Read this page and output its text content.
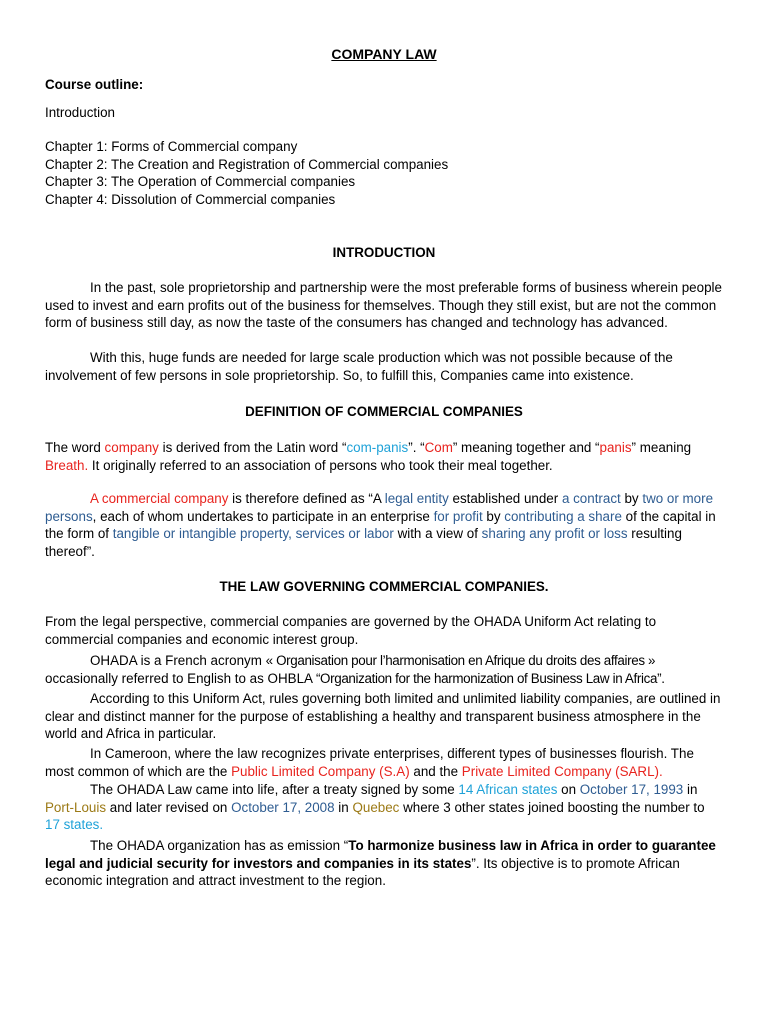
COMPANY LAW

Course outline:

Introduction

Chapter 1: Forms of Commercial company
Chapter 2: The Creation and Registration of Commercial companies
Chapter 3: The Operation of Commercial companies
Chapter 4: Dissolution of Commercial companies
INTRODUCTION

In the past, sole proprietorship and partnership were the most preferable forms of business wherein people used to invest and earn profits out of the business for themselves. Though they still exist, but are not the common form of business still day, as now the taste of the consumers has changed and technology has advanced.

With this, huge funds are needed for large scale production which was not possible because of the involvement of few persons in sole proprietorship. So, to fulfill this, Companies came into existence.

DEFINITION OF COMMERCIAL COMPANIES

The word company is derived from the Latin word “com-panis”. “Com” meaning together and “panis” meaning Breath. It originally referred to an association of persons who took their meal together.

A commercial company is therefore defined as “A legal entity established under a contract by two or more persons, each of whom undertakes to participate in an enterprise for profit by contributing a share of the capital in the form of tangible or intangible property, services or labor with a view of sharing any profit or loss resulting thereof”.

THE LAW GOVERNING COMMERCIAL COMPANIES.

From the legal perspective, commercial companies are governed by the OHADA Uniform Act relating to commercial companies and economic interest group.

OHADA is a French acronym « Organisation pour l’harmonisation en Afrique du droits des affaires » occasionally referred to English to as OHBLA “Organization for the harmonization of Business Law in Africa”.

According to this Uniform Act, rules governing both limited and unlimited liability companies, are outlined in clear and distinct manner for the purpose of establishing a healthy and transparent business atmosphere in the world and Africa in particular.

In Cameroon, where the law recognizes private enterprises, different types of businesses flourish. The most common of which are the Public Limited Company (S.A) and the Private Limited Company (SARL).

The OHADA Law came into life, after a treaty signed by some 14 African states on October 17, 1993 in Port-Louis and later revised on October 17, 2008 in Quebec where 3 other states joined boosting the number to 17 states.

The OHADA organization has as emission “To harmonize business law in Africa in order to guarantee legal and judicial security for investors and companies in its states”. Its objective is to promote African economic integration and attract investment to the region.
